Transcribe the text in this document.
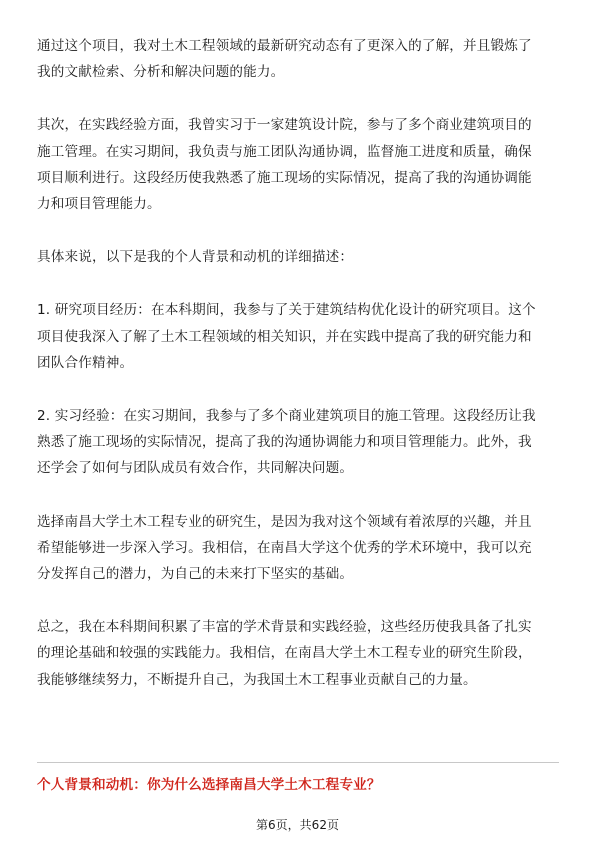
通过这个项目，我对土木工程领域的最新研究动态有了更深入的了解，并且锻炼了
我的文献检索、分析和解决问题的能力。

其次，在实践经验方面，我曾实习于一家建筑设计院，参与了多个商业建筑项目的
施工管理。在实习期间，我负责与施工团队沟通协调，监督施工进度和质量，确保
项目顺利进行。这段经历使我熟悉了施工现场的实际情况，提高了我的沟通协调能
力和项目管理能力。

具体来说，以下是我的个人背景和动机的详细描述：

1. 研究项目经历：在本科期间，我参与了关于建筑结构优化设计的研究项目。这个
项目使我深入了解了土木工程领域的相关知识，并在实践中提高了我的研究能力和
团队合作精神。

2. 实习经验：在实习期间，我参与了多个商业建筑项目的施工管理。这段经历让我
熟悉了施工现场的实际情况，提高了我的沟通协调能力和项目管理能力。此外，我
还学会了如何与团队成员有效合作，共同解决问题。

选择南昌大学土木工程专业的研究生，是因为我对这个领域有着浓厚的兴趣，并且
希望能够进一步深入学习。我相信，在南昌大学这个优秀的学术环境中，我可以充
分发挥自己的潜力，为自己的未来打下坚实的基础。

总之，我在本科期间积累了丰富的学术背景和实践经验，这些经历使我具备了扎实
的理论基础和较强的实践能力。我相信，在南昌大学土木工程专业的研究生阶段，
我能够继续努力，不断提升自己，为我国土木工程事业贡献自己的力量。

个人背景和动机：你为什么选择南昌大学土木工程专业？
第6页，共62页
